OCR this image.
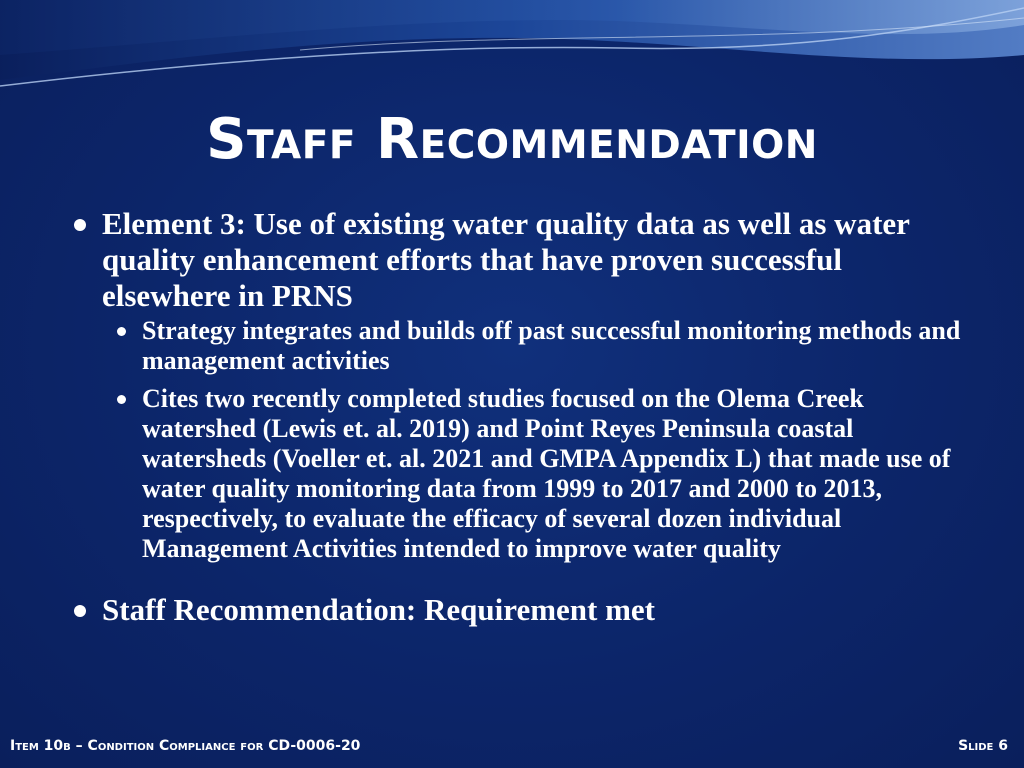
Staff Recommendation
Element 3: Use of existing water quality data as well as water quality enhancement efforts that have proven successful elsewhere in PRNS
Strategy integrates and builds off past successful monitoring methods and management activities
Cites two recently completed studies focused on the Olema Creek watershed (Lewis et. al. 2019) and Point Reyes Peninsula coastal watersheds (Voeller et. al. 2021 and GMPA Appendix L) that made use of water quality monitoring data from 1999 to 2017 and 2000 to 2013, respectively, to evaluate the efficacy of several dozen individual Management Activities intended to improve water quality
Staff Recommendation: Requirement met
Item 10b – Condition Compliance for CD-0006-20	Slide 6
